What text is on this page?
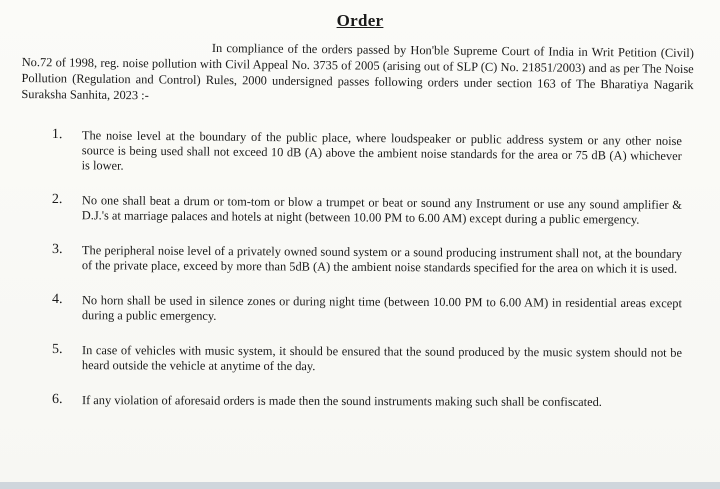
Order
In compliance of the orders passed by Hon'ble Supreme Court of India in Writ Petition (Civil) No.72 of 1998, reg. noise pollution with Civil Appeal No. 3735 of 2005 (arising out of SLP (C) No. 21851/2003) and as per The Noise Pollution (Regulation and Control) Rules, 2000 undersigned passes following orders under section 163 of The Bharatiya Nagarik Suraksha Sanhita, 2023 :-
1. The noise level at the boundary of the public place, where loudspeaker or public address system or any other noise source is being used shall not exceed 10 dB (A) above the ambient noise standards for the area or 75 dB (A) whichever is lower.
2. No one shall beat a drum or tom-tom or blow a trumpet or beat or sound any Instrument or use any sound amplifier & D.J.'s at marriage palaces and hotels at night (between 10.00 PM to 6.00 AM) except during a public emergency.
3. The peripheral noise level of a privately owned sound system or a sound producing instrument shall not, at the boundary of the private place, exceed by more than 5dB (A) the ambient noise standards specified for the area on which it is used.
4. No horn shall be used in silence zones or during night time (between 10.00 PM to 6.00 AM) in residential areas except during a public emergency.
5. In case of vehicles with music system, it should be ensured that the sound produced by the music system should not be heard outside the vehicle at anytime of the day.
6. If any violation of aforesaid orders is made then the sound instruments making such shall be confiscated.
